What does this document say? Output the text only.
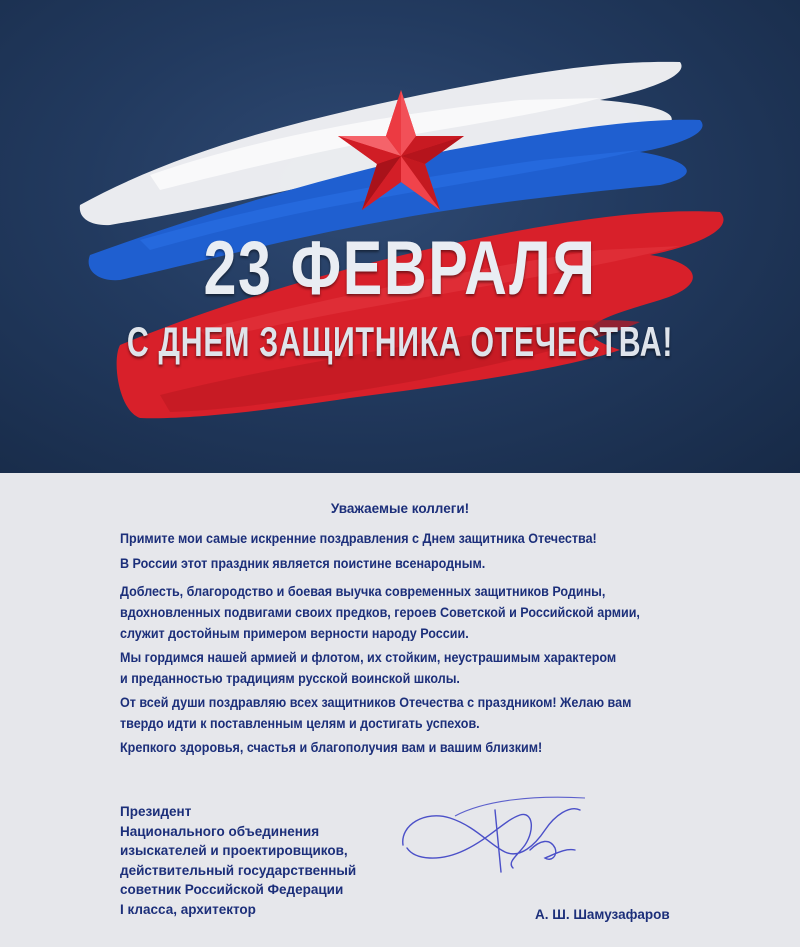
23 ФЕВРАЛЯ
С ДНЕМ ЗАЩИТНИКА ОТЕЧЕСТВА!
Уважаемые коллеги!
Примите мои самые искренние поздравления с Днем защитника Отечества!
В России этот праздник является поистине всенародным.
Доблесть, благородство и боевая выучка современных защитников Родины,
вдохновленных подвигами своих предков, героев Советской и Российской армии,
служит достойным примером верности народу России.
Мы гордимся нашей армией и флотом, их стойким, неустрашимым характером
и преданностью традициям русской воинской школы.
От всей души поздравляю всех защитников Отечества с праздником! Желаю вам
твердо идти к поставленным целям и достигать успехов.
Крепкого здоровья, счастья и благополучия вам и вашим близким!
Президент
Национального объединения
изыскателей и проектировщиков,
действительный государственный
советник Российской Федерации
I класса, архитектор	А. Ш. Шамузафаров
